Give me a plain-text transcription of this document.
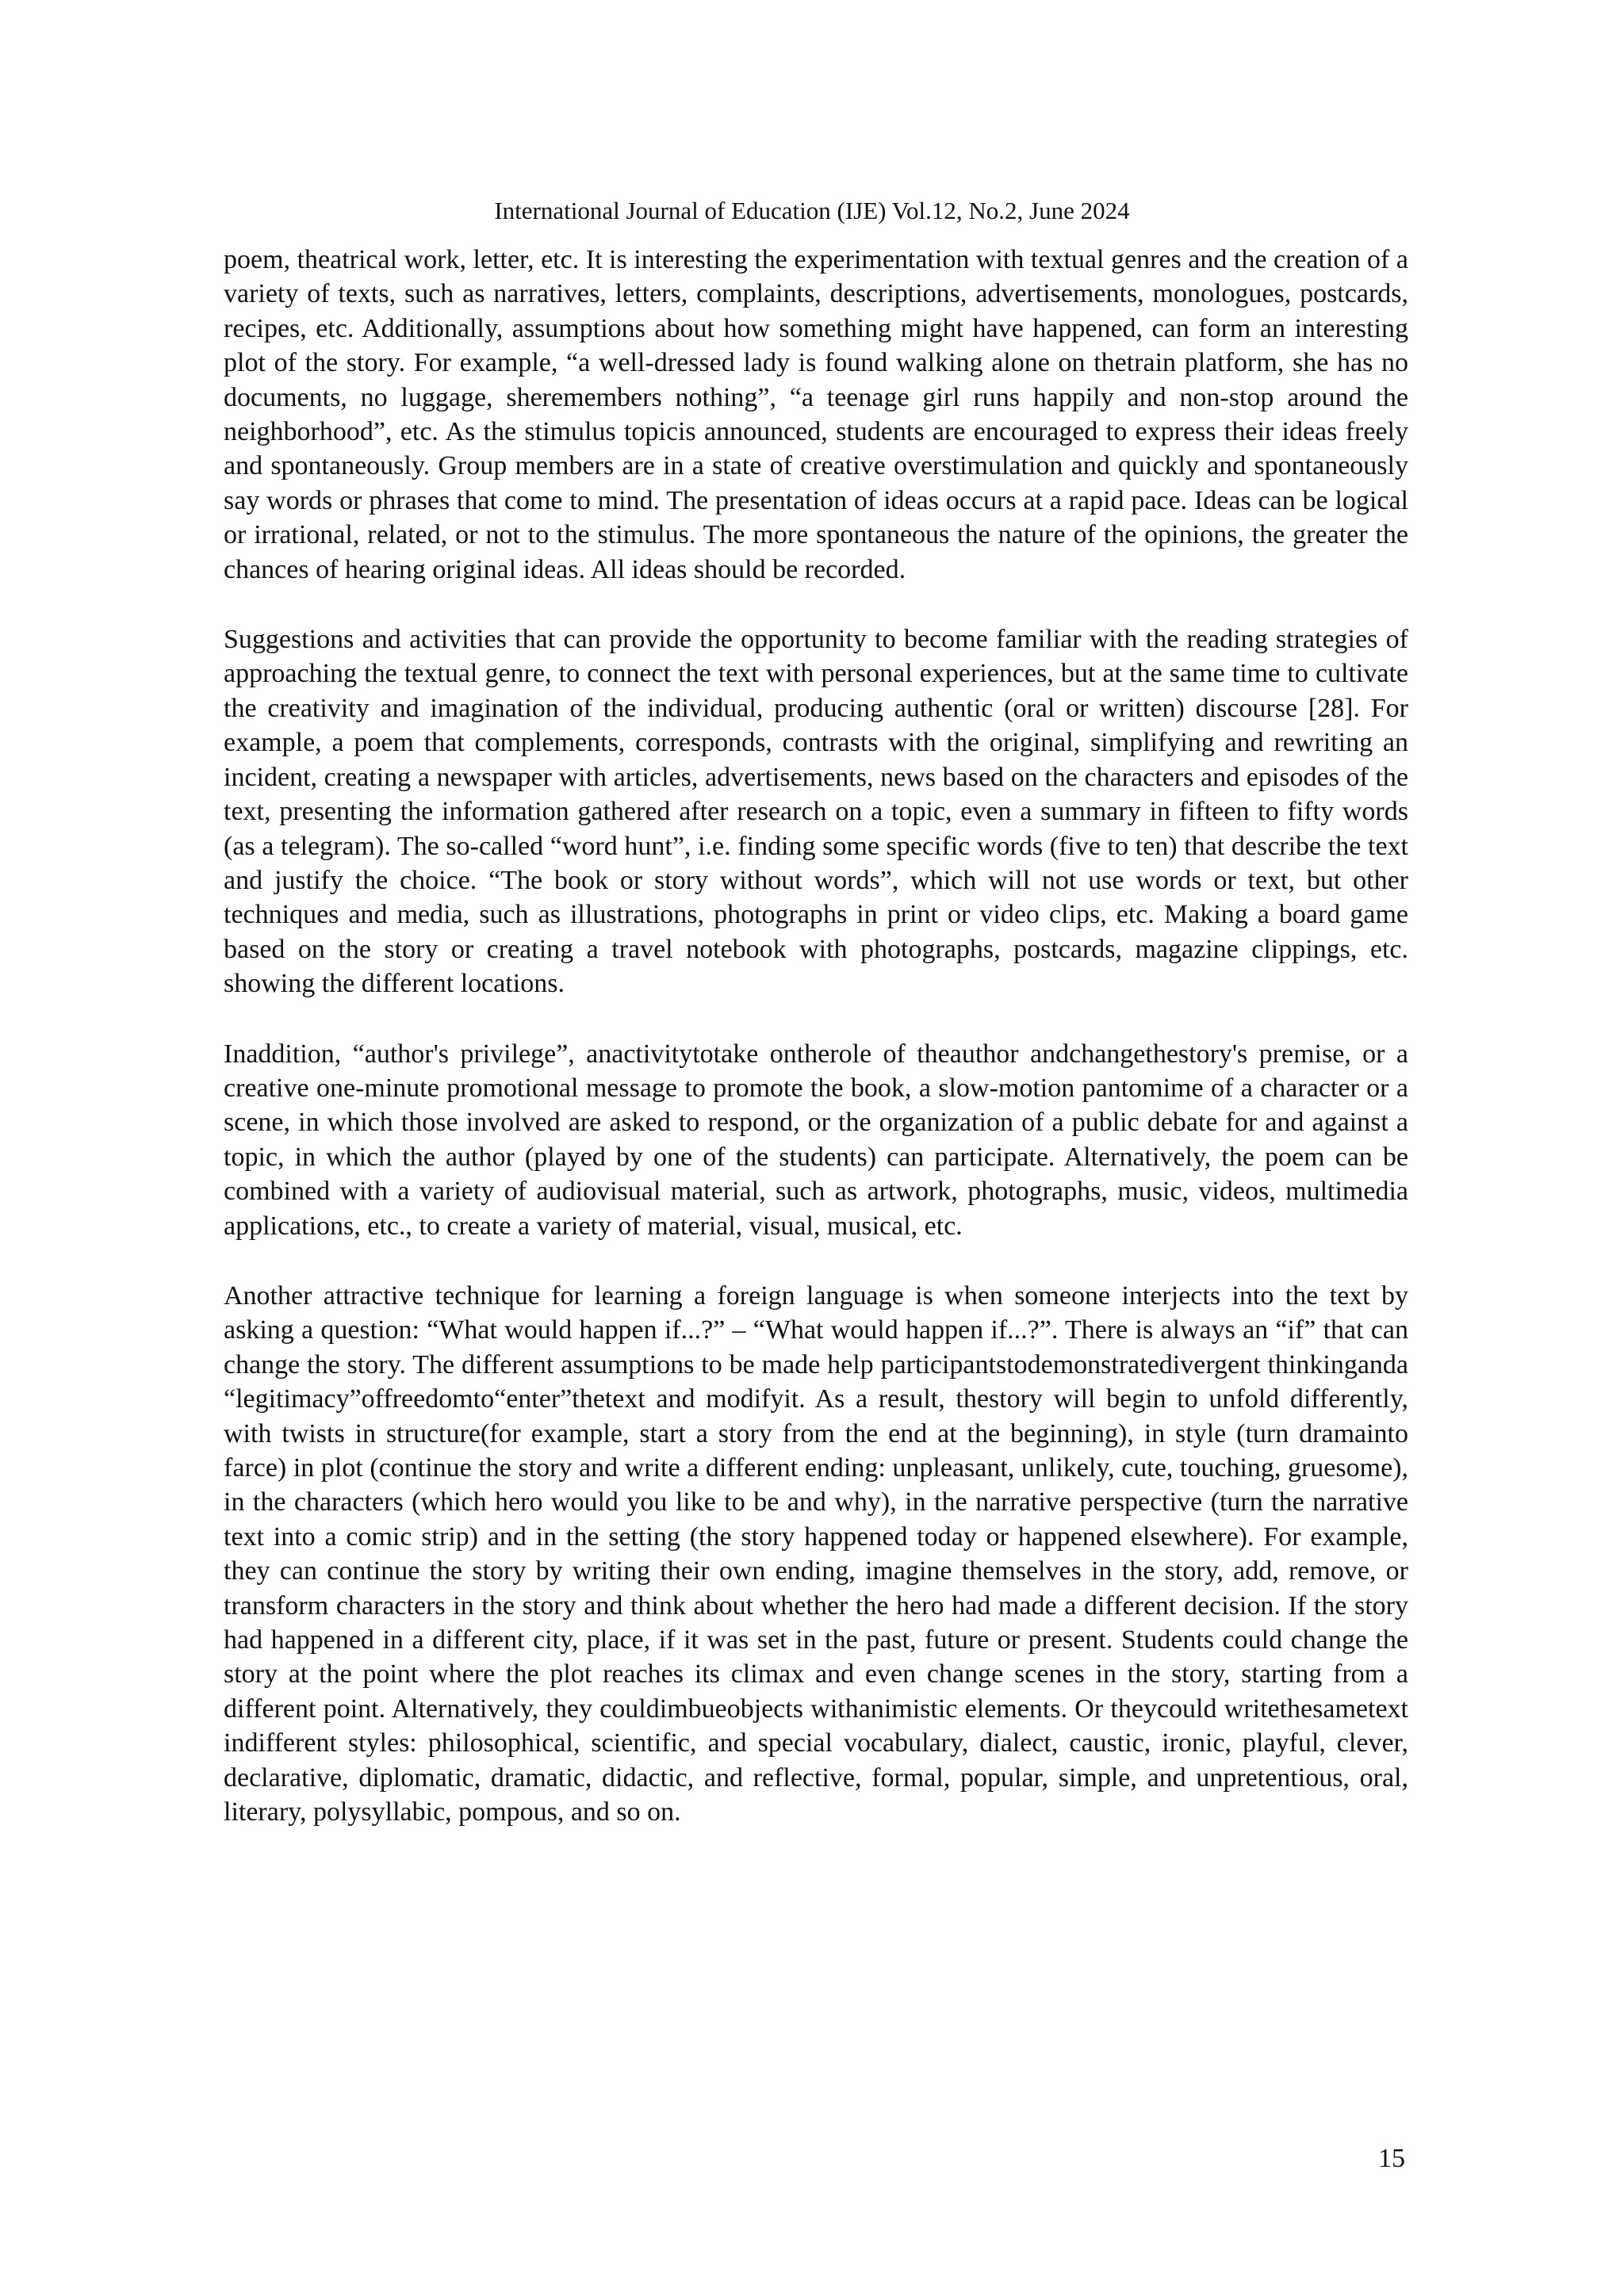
International Journal of Education (IJE) Vol.12, No.2, June 2024

poem, theatrical work, letter, etc. It is interesting the experimentation with textual genres and the creation of a variety of texts, such as narratives, letters, complaints, descriptions, advertisements, monologues, postcards, recipes, etc. Additionally, assumptions about how something might have happened, can form an interesting plot of the story. For example, “a well-dressed lady is found walking alone on thetrain platform, she has no documents, no luggage, sheremembers nothing”, “a teenage girl runs happily and non-stop around the neighborhood”, etc. As the stimulus topicis announced, students are encouraged to express their ideas freely and spontaneously. Group members are in a state of creative overstimulation and quickly and spontaneously say words or phrases that come to mind. The presentation of ideas occurs at a rapid pace. Ideas can be logical or irrational, related, or not to the stimulus. The more spontaneous the nature of the opinions, the greater the chances of hearing original ideas. All ideas should be recorded.

Suggestions and activities that can provide the opportunity to become familiar with the reading strategies of approaching the textual genre, to connect the text with personal experiences, but at the same time to cultivate the creativity and imagination of the individual, producing authentic (oral or written) discourse [28]. For example, a poem that complements, corresponds, contrasts with the original, simplifying and rewriting an incident, creating a newspaper with articles, advertisements, news based on the characters and episodes of the text, presenting the information gathered after research on a topic, even a summary in fifteen to fifty words (as a telegram). The so-called “word hunt”, i.e. finding some specific words (five to ten) that describe the text and justify the choice. “The book or story without words”, which will not use words or text, but other techniques and media, such as illustrations, photographs in print or video clips, etc. Making a board game based on the story or creating a travel notebook with photographs, postcards, magazine clippings, etc. showing the different locations.

Inaddition, “author's privilege”, anactivitytotake ontherole of theauthor andchangethestory's premise, or a creative one-minute promotional message to promote the book, a slow-motion pantomime of a character or a scene, in which those involved are asked to respond, or the organization of a public debate for and against a topic, in which the author (played by one of the students) can participate. Alternatively, the poem can be combined with a variety of audiovisual material, such as artwork, photographs, music, videos, multimedia applications, etc., to create a variety of material, visual, musical, etc.

Another attractive technique for learning a foreign language is when someone interjects into the text by asking a question: “What would happen if...?” – “What would happen if...?”. There is always an “if” that can change the story. The different assumptions to be made help participantstodemonstratedivergent thinkinganda “legitimacy”offreedomto“enter”thetext and modifyit. As a result, thestory will begin to unfold differently, with twists in structure(for example, start a story from the end at the beginning), in style (turn dramainto farce) in plot (continue the story and write a different ending: unpleasant, unlikely, cute, touching, gruesome), in the characters (which hero would you like to be and why), in the narrative perspective (turn the narrative text into a comic strip) and in the setting (the story happened today or happened elsewhere). For example, they can continue the story by writing their own ending, imagine themselves in the story, add, remove, or transform characters in the story and think about whether the hero had made a different decision. If the story had happened in a different city, place, if it was set in the past, future or present. Students could change the story at the point where the plot reaches its climax and even change scenes in the story, starting from a different point. Alternatively, they couldimbueobjects withanimistic elements. Or theycould writethesametext indifferent styles: philosophical, scientific, and special vocabulary, dialect, caustic, ironic, playful, clever, declarative, diplomatic, dramatic, didactic, and reflective, formal, popular, simple, and unpretentious, oral, literary, polysyllabic, pompous, and so on.

15
